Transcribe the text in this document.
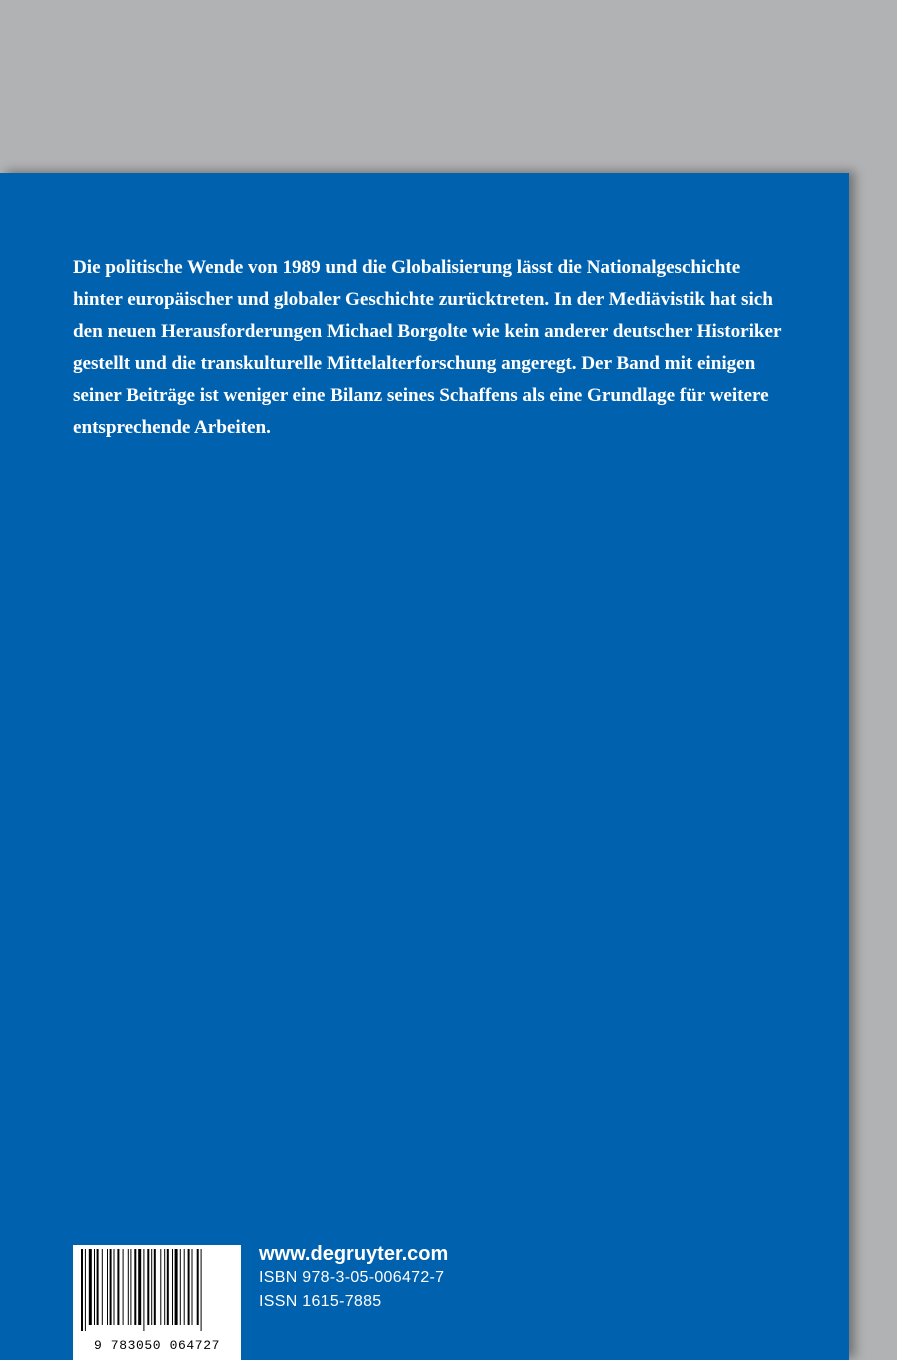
Die politische Wende von 1989 und die Globalisierung lässt die Nationalgeschichte hinter europäischer und globaler Geschichte zurücktreten. In der Mediävistik hat sich den neuen Herausforderungen Michael Borgolte wie kein anderer deutscher Historiker gestellt und die transkulturelle Mittelalterforschung angeregt. Der Band mit einigen seiner Beiträge ist weniger eine Bilanz seines Schaffens als eine Grundlage für weitere entsprechende Arbeiten.

9 783050 064727
www.degruyter.com
ISBN 978-3-05-006472-7
ISSN 1615-7885
